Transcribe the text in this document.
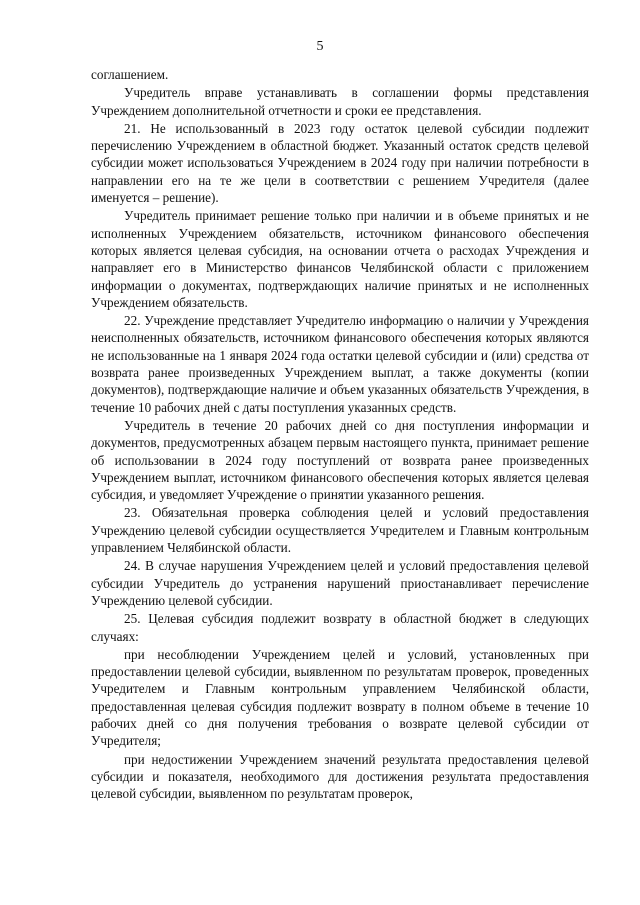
5

соглашением.

Учредитель вправе устанавливать в соглашении формы представления Учреждением дополнительной отчетности и сроки ее представления.

21. Не использованный в 2023 году остаток целевой субсидии подлежит перечислению Учреждением в областной бюджет. Указанный остаток средств целевой субсидии может использоваться Учреждением в 2024 году при наличии потребности в направлении его на те же цели в соответствии с решением Учредителя (далее именуется – решение).

Учредитель принимает решение только при наличии и в объеме принятых и не исполненных Учреждением обязательств, источником финансового обеспечения которых является целевая субсидия, на основании отчета о расходах Учреждения и направляет его в Министерство финансов Челябинской области с приложением информации о документах, подтверждающих наличие принятых и не исполненных Учреждением обязательств.

22. Учреждение представляет Учредителю информацию о наличии у Учреждения неисполненных обязательств, источником финансового обеспечения которых являются не использованные на 1 января 2024 года остатки целевой субсидии и (или) средства от возврата ранее произведенных Учреждением выплат, а также документы (копии документов), подтверждающие наличие и объем указанных обязательств Учреждения, в течение 10 рабочих дней с даты поступления указанных средств.

Учредитель в течение 20 рабочих дней со дня поступления информации и документов, предусмотренных абзацем первым настоящего пункта, принимает решение об использовании в 2024 году поступлений от возврата ранее произведенных Учреждением выплат, источником финансового обеспечения которых является целевая субсидия, и уведомляет Учреждение о принятии указанного решения.

23. Обязательная проверка соблюдения целей и условий предоставления Учреждению целевой субсидии осуществляется Учредителем и Главным контрольным управлением Челябинской области.

24. В случае нарушения Учреждением целей и условий предоставления целевой субсидии Учредитель до устранения нарушений приостанавливает перечисление Учреждению целевой субсидии.

25. Целевая субсидия подлежит возврату в областной бюджет в следующих случаях:

при несоблюдении Учреждением целей и условий, установленных при предоставлении целевой субсидии, выявленном по результатам проверок, проведенных Учредителем и Главным контрольным управлением Челябинской области, предоставленная целевая субсидия подлежит возврату в полном объеме в течение 10 рабочих дней со дня получения требования о возврате целевой субсидии от Учредителя;

при недостижении Учреждением значений результата предоставления целевой субсидии и показателя, необходимого для достижения результата предоставления целевой субсидии, выявленном по результатам проверок,
